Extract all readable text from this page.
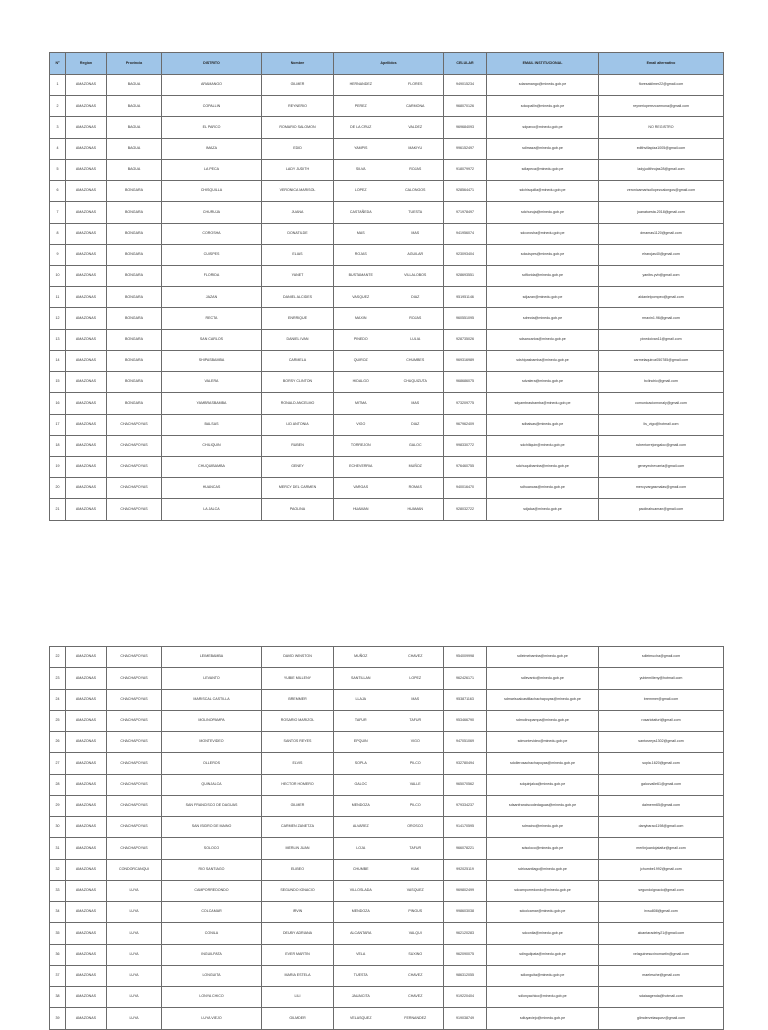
Nº	Region	Provincia	DISTRITO	Nombre	Apellidos		CELULAR	EMAIL INSTITUCIONAL	Email alternativo
1	AMAZONAS	BAGUA	ARAMANGO	GILMER	HERNANDEZ	FLORES	949015234	sdaramango@minedu.gob.pe	floresakilmer22@gmail.com
2	AMAZONAS	BAGUA	COPALLIN	REYNERIO	PEREZ	CARMONA	968070126	sdcopallin@minedu.gob.pe	reynerioperezcarmona@gmail.com
3	AMAZONAS	BAGUA	EL PARCO	ROMARIO SALOMON	DE LA CRUZ	VALDEZ	969684093	sdparco@minedu.gob.pe	NO REGISTRO
4	AMAZONAS	BAGUA	IMAZA	EDID	YAMPIS	MAKIYU	996152497	sdimaza@minedu.gob.pe	edithvillapiza1005@gmail.com
5	AMAZONAS	BAGUA	LA PECA	LADY JUDITH	SILVA	ROJAS	918079972	sdlapeca@minedu.gob.pe	ladyjudithrojas28@gmail.com
6	AMAZONAS	BONGARA	CHISQUILLA	VERONICA MARISOL	LOPEZ	CALONGOS	928564471	sdchisquilla@minedu.gob.pe	veronicamarisollopezcalongos@gmail.com
7	AMAZONAS	BONGARA	CHURUJA	JUANA	CASTAÑEDA	TUESTA	971978497	sdchuruja@minedu.gob.pe	juanatuesta.2018@gmail.com
8	AMAZONAS	BONGARA	COROSHA	DONATILDE	MAS	MAS	941956074	sdcorosha@minedu.gob.pe	dmamas1120@gmail.com
9	AMAZONAS	BONGARA	CUISPES	ELIAS	ROJAS	AGUILAR	923093404	sdcuispes@minedu.gob.pe	elrarojas40@gmail.com
10	AMAZONAS	BONGARA	FLORIDA	YANET	BUSTAMANTE	VILLALOBOS	928693551	sdflorida@minedu.gob.pe	yanibs.yvb@gmail.com
11	AMAZONAS	BONGARA	JAZAN	DANIEL ALCIDES	VASQUEZ	DIAZ	951951146	sdjazan@minedu.gob.pe	aldanielpompeo@gmail.com
12	AMAZONAS	BONGARA	RECTA	ENRRIQUE	MAXIN	ROJAS	960551095	sdrecta@minedu.gob.pe	rmaxin1.96@gmail.com
13	AMAZONAS	BONGARA	SAN CARLOS	DANIEL IVAN	PINEDO	LULIA	928735026	sdsancarlos@minedu.gob.pe	pinedoivan11@gmail.com
14	AMAZONAS	BONGARA	SHIPASBAMBA	CARMELA	QUIROZ	CHUMBES	969316989	sdshipasbamba@minedu.gob.pe	carmelaquiroz050785@gmail.com
15	AMAZONAS	BONGARA	VALERA	BORSY CLINTON	HIDALGO	CHUQUIZUTA	968686075	sdvalera@minedu.gob.pe	bclinchic@gmail.com
16	AMAZONAS	BONGARA	YAMBRASBAMBA	RONALD ANCELMO	MITMA	MAS	973209775	sdyambrasbamba@minedu.gob.pe	comunicacionronaly@gmail.com
17	AMAZONAS	CHACHAPOYAS	BALSAS	LID ANTONIA	VIGO	DIAZ	967962409	sdbalsas@minedu.gob.pe	lis_vigo@hotmail.com
18	AMAZONAS	CHACHAPOYAS	CHILIQUIN	RUBEN	TORREJON	GALOC	998330772	sdchiliquin@minedu.gob.pe	rubentorrejongaloc@gmail.com
19	AMAZONAS	CHACHAPOYAS	CHUQUIBAMBA	GENEY	ECHEVERRIA	MUÑOZ	976460755	sdchuquibamba@minedu.gob.pe	geneyechevarria@gmail.com
20	AMAZONAS	CHACHAPOYAS	HUANCAS	MERCY DEL CARMEN	VARGAS	ROMAS	940016470	sdhuancas@minedu.gob.pe	mercyvargasmalas@gmail.com
21	AMAZONAS	CHACHAPOYAS	LA JALCA	PAOLINA	HUAMAN	HUAMAN	928032722	sdjalca@minedu.gob.pe	paolinahuaman@gmail.com
22	AMAZONAS	CHACHAPOYAS	LEIMEBAMBA	DAVID WINSTON	MUÑOZ	CHAVEZ	954009998	sdleimebamba@minedu.gob.pe	sdleimucha@gmail.com
23	AMAZONAS	CHACHAPOYAS	LEVANTO	YUBIE MILLENY	SANTILLAN	LOPEZ	962426171	sdlevanto@minedu.gob.pe	yubiemilleny@hotmail.com
24	AMAZONAS	CHACHAPOYAS	MARISCAL CASTILLA	BREMMER	LLAJA	MAS	953871163	sdmariscalcastillachachapoyas@minedu.gob.pe	bremmer@gmail.com
25	AMAZONAS	CHACHAPOYAS	MOLINOPAMPA	ROSARIO MARIZOL	TAFUR	TAFUR	953466790	sdmolinopampa@minedu.gob.pe	rosariotafurt@gmail.com
26	AMAZONAS	CHACHAPOYAS	MONTEVIDEO	SANTOS REYES	EPQUIN	VIGO	947051069	sdmontevideo@minedu.gob.pe	santosreys1302@gmail.com
27	AMAZONAS	CHACHAPOYAS	OLLEROS	ELVIS	SOPLA	PILCO	932780494	sdollerosachachapoyas@minedu.gob.pe	sopla.1620@gmail.com
28	AMAZONAS	CHACHAPOYAS	QUINJALCA	HECTOR HOMERO	GALOC	VALLE	965070562	sdquinjalca@minedu.gob.pe	galocvalle61@gmail.com
29	AMAZONAS	CHACHAPOYAS	SAN FRANCISCO DE DAGUAS	GILMER	MENDOZA	PILCO	979334237	sdsanfranciscodedaguas@minedu.gob.pe	dalmerm65@gmail.com
30	AMAZONAS	CHACHAPOYAS	SAN ISIDRO DE MAINO	CARMEN ZANETZA	ALVAREZ	OROSCO	914170595	sdmaino@minedu.gob.pe	danybarao1198@gmail.com
31	AMAZONAS	CHACHAPOYAS	SOLOCO	MERLIN JUAN	LOJA	TAFUR	966078221	sdsoloco@minedu.gob.pe	merlinjuanlojatafur@gmail.com
32	AMAZONAS	CONDORCANQUI	RIO SANTIAGO	ELIBEO	CHUMBE	KIAK	992025119	sdriosantiago@minedu.gob.pe	jchumbe1992@gmail.com
33	AMAZONAS	LUYA	CAMPORREDONDO	SEGUNDO IGNACIO	VILLOSLADA	VASQUEZ	969802499	sdcamporredondo@minedu.gob.pe	segundoignacio@gmail.com
34	AMAZONAS	LUYA	COLCAMAR	IRVIN	MENDOZA	PINGUS	998603038	sdcolcamar@minedu.gob.pe	irvsu808@gmail.com
35	AMAZONAS	LUYA	CONILA	DEUBY ADRIANA	ALCANTARA	VALQUI	962120283	sdconila@minedu.gob.pe	alcantaradeby21@gmail.com
36	AMAZONAS	LUYA	INGUILPATA	EVER MARTIN	VELA	SUXINO	962090075	sdinguilpata@minedu.gob.pe	velaguinesuxinomartin@gmail.com
37	AMAZONAS	LUYA	LONGUITA	MARIA ESTELA	TUESTA	CHAVEZ	986312055	sdlonguita@minedu.gob.pe	maelesche@gmail.com
38	AMAZONAS	LUYA	LONYA CHICO	LILI	JAUAICITA	CHAVEZ	919220404	sdlonyachico@minedu.gob.pe	sdaiaagenda@hotmail.com
39	AMAZONAS	LUYA	LUYA VIEJO	GILMDER	VELASQUEZ	FERNANDEZ	919038749	sdluyaviejo@minedu.gob.pe	gilmdervelasquez@gmail.com
